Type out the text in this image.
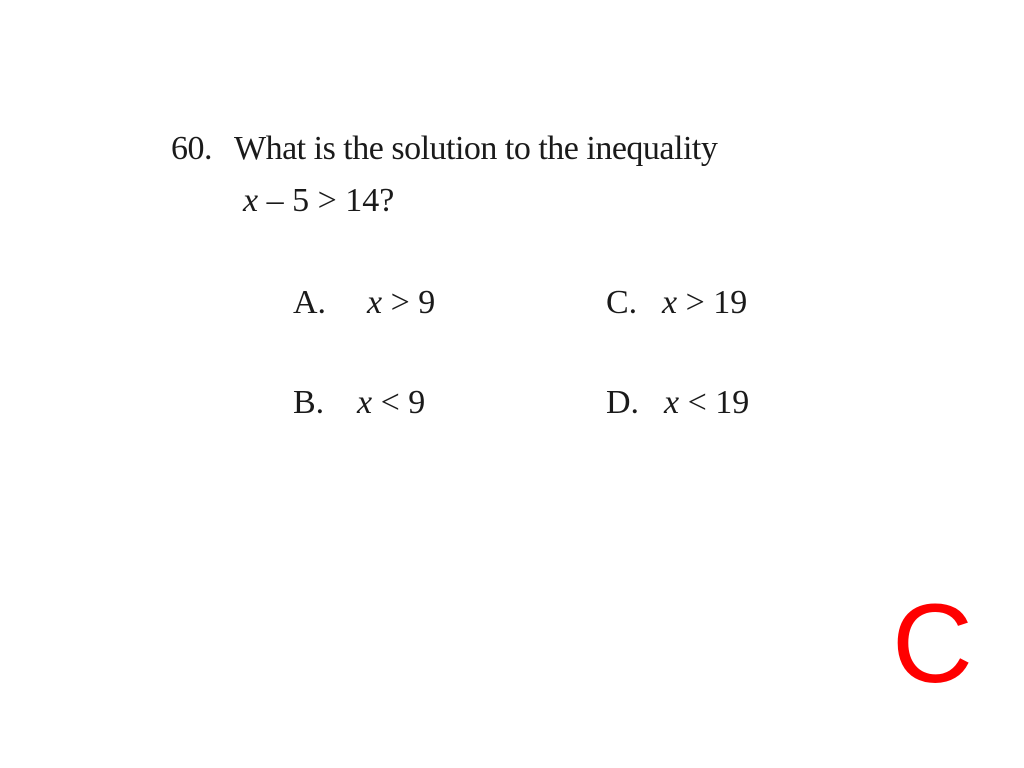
60. What is the solution to the inequality
x – 5 > 14?
A. x > 9
B. x < 9
C. x > 19
D. x < 19
C
